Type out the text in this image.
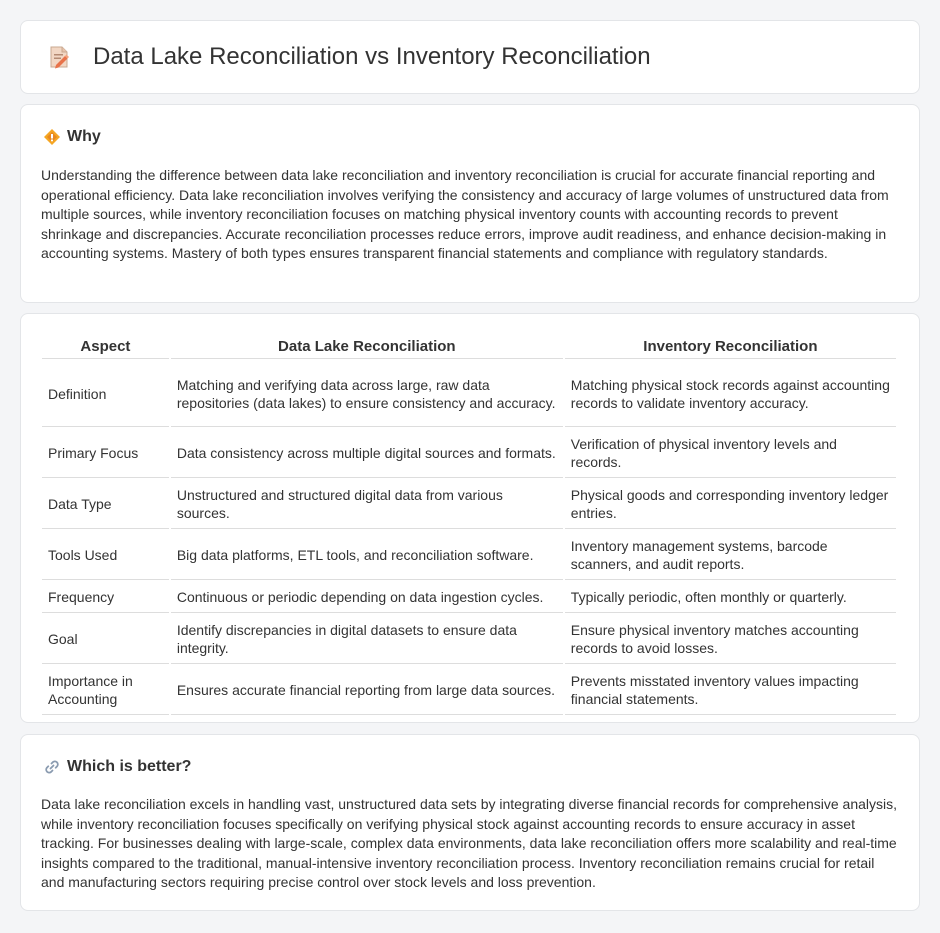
Data Lake Reconciliation vs Inventory Reconciliation
Why

Understanding the difference between data lake reconciliation and inventory reconciliation is crucial for accurate financial reporting and operational efficiency. Data lake reconciliation involves verifying the consistency and accuracy of large volumes of unstructured data from multiple sources, while inventory reconciliation focuses on matching physical inventory counts with accounting records to prevent shrinkage and discrepancies. Accurate reconciliation processes reduce errors, improve audit readiness, and enhance decision-making in accounting systems. Mastery of both types ensures transparent financial statements and compliance with regulatory standards.

Aspect	Data Lake Reconciliation	Inventory Reconciliation
Definition	Matching and verifying data across large, raw data repositories (data lakes) to ensure consistency and accuracy.	Matching physical stock records against accounting records to validate inventory accuracy.
Primary Focus	Data consistency across multiple digital sources and formats.	Verification of physical inventory levels and records.
Data Type	Unstructured and structured digital data from various sources.	Physical goods and corresponding inventory ledger entries.
Tools Used	Big data platforms, ETL tools, and reconciliation software.	Inventory management systems, barcode scanners, and audit reports.
Frequency	Continuous or periodic depending on data ingestion cycles.	Typically periodic, often monthly or quarterly.
Goal	Identify discrepancies in digital datasets to ensure data integrity.	Ensure physical inventory matches accounting records to avoid losses.
Importance in Accounting	Ensures accurate financial reporting from large data sources.	Prevents misstated inventory values impacting financial statements.
Which is better?

Data lake reconciliation excels in handling vast, unstructured data sets by integrating diverse financial records for comprehensive analysis, while inventory reconciliation focuses specifically on verifying physical stock against accounting records to ensure accuracy in asset tracking. For businesses dealing with large-scale, complex data environments, data lake reconciliation offers more scalability and real-time insights compared to the traditional, manual-intensive inventory reconciliation process. Inventory reconciliation remains crucial for retail and manufacturing sectors requiring precise control over stock levels and loss prevention.
